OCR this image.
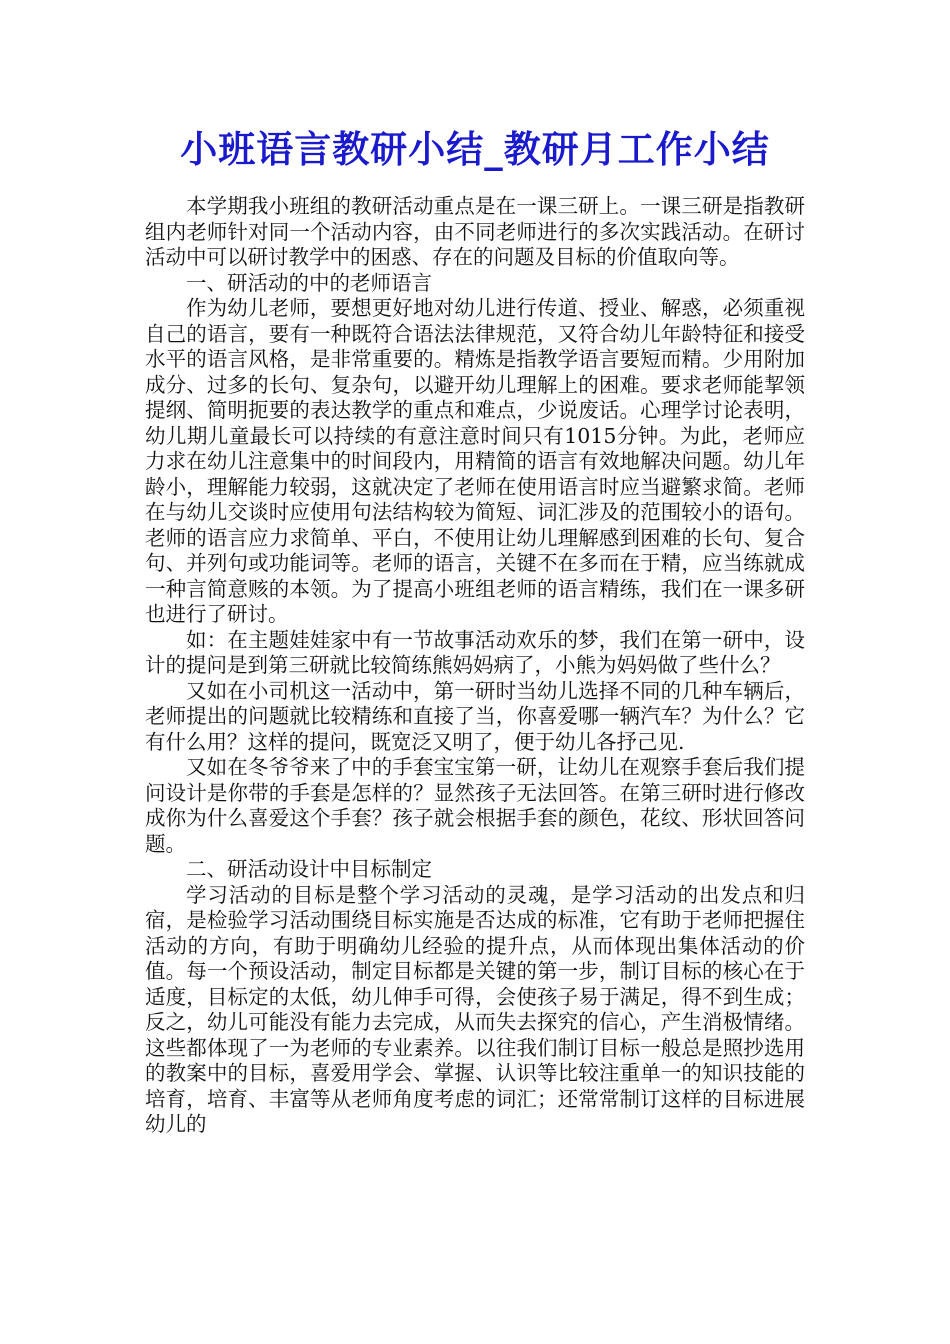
小班语言教研小结_教研月工作小结

本学期我小班组的教研活动重点是在一课三研上。一课三研是指教研组内老师针对同一个活动内容，由不同老师进行的多次实践活动。在研讨活动中可以研讨教学中的困惑、存在的问题及目标的价值取向等。

一、研活动的中的老师语言

作为幼儿老师，要想更好地对幼儿进行传道、授业、解惑，必须重视自己的语言，要有一种既符合语法法律规范，又符合幼儿年龄特征和接受水平的语言风格，是非常重要的。精炼是指教学语言要短而精。少用附加成分、过多的长句、复杂句，以避开幼儿理解上的困难。要求老师能挈领提纲、简明扼要的表达教学的重点和难点，少说废话。心理学讨论表明，幼儿期儿童最长可以持续的有意注意时间只有1015分钟。为此，老师应力求在幼儿注意集中的时间段内，用精简的语言有效地解决问题。幼儿年龄小，理解能力较弱，这就决定了老师在使用语言时应当避繁求简。老师在与幼儿交谈时应使用句法结构较为简短、词汇涉及的范围较小的语句。老师的语言应力求简单、平白，不使用让幼儿理解感到困难的长句、复合句、并列句或功能词等。老师的语言，关键不在多而在于精，应当练就成一种言简意赅的本领。为了提高小班组老师的语言精练，我们在一课多研也进行了研讨。

如：在主题娃娃家中有一节故事活动欢乐的梦，我们在第一研中，设计的提问是到第三研就比较简练熊妈妈病了，小熊为妈妈做了些什么？

又如在小司机这一活动中，第一研时当幼儿选择不同的几种车辆后，老师提出的问题就比较精练和直接了当，你喜爱哪一辆汽车？为什么？它有什么用？这样的提问，既宽泛又明了，便于幼儿各抒己见.

又如在冬爷爷来了中的手套宝宝第一研，让幼儿在观察手套后我们提问设计是你带的手套是怎样的？显然孩子无法回答。在第三研时进行修改成你为什么喜爱这个手套？孩子就会根据手套的颜色，花纹、形状回答问题。

二、研活动设计中目标制定

学习活动的目标是整个学习活动的灵魂，是学习活动的出发点和归宿，是检验学习活动围绕目标实施是否达成的标准，它有助于老师把握住活动的方向，有助于明确幼儿经验的提升点，从而体现出集体活动的价值。每一个预设活动，制定目标都是关键的第一步，制订目标的核心在于适度，目标定的太低，幼儿伸手可得，会使孩子易于满足，得不到生成；反之，幼儿可能没有能力去完成，从而失去探究的信心，产生消极情绪。这些都体现了一为老师的专业素养。以往我们制订目标一般总是照抄选用的教案中的目标，喜爱用学会、掌握、认识等比较注重单一的知识技能的培育，培育、丰富等从老师角度考虑的词汇；还常常制订这样的目标进展幼儿的
